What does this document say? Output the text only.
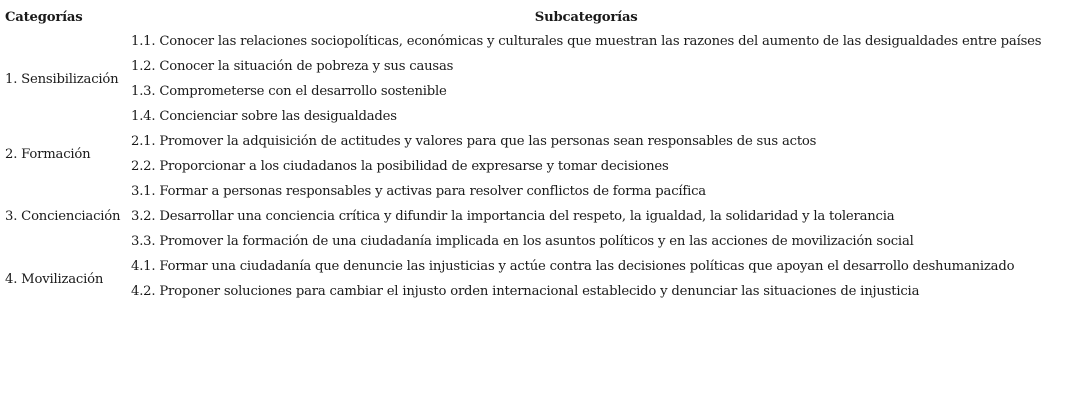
Categorías	Subcategorías
1. Sensibilización	1.1. Conocer las relaciones sociopolíticas, económicas y culturales que muestran las razones del aumento de las desigualdades entre países
	1.2. Conocer la situación de pobreza y sus causas
	1.3. Comprometerse con el desarrollo sostenible
	1.4. Concienciar sobre las desigualdades
2. Formación	2.1. Promover la adquisición de actitudes y valores para que las personas sean responsables de sus actos
	2.2. Proporcionar a los ciudadanos la posibilidad de expresarse y tomar decisiones
3. Concienciación	3.1. Formar a personas responsables y activas para resolver conflictos de forma pacífica
	3.2. Desarrollar una conciencia crítica y difundir la importancia del respeto, la igualdad, la solidaridad y la tolerancia
	3.3. Promover la formación de una ciudadanía implicada en los asuntos políticos y en las acciones de movilización social
4. Movilización	4.1. Formar una ciudadanía que denuncie las injusticias y actúe contra las decisiones políticas que apoyan el desarrollo deshumanizado
	4.2. Proponer soluciones para cambiar el injusto orden internacional establecido y denunciar las situaciones de injusticia
